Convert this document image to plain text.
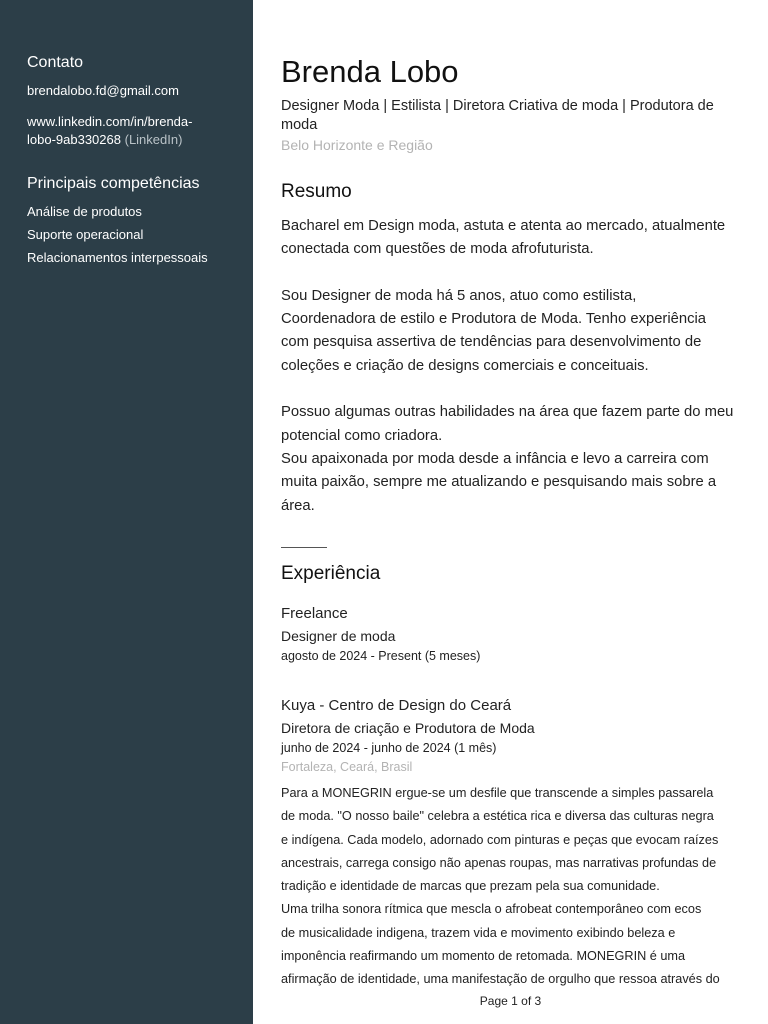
Contato
brendalobo.fd@gmail.com
www.linkedin.com/in/brenda-
lobo-9ab330268 (LinkedIn)
Principais competências
Análise de produtos
Suporte operacional
Relacionamentos interpessoais
Brenda Lobo
Designer Moda | Estilista | Diretora Criativa de moda | Produtora de
moda
Belo Horizonte e Região
Resumo

Bacharel em Design moda, astuta e atenta ao mercado, atualmente

conectada com questões de moda afrofuturista.

Sou Designer de moda há 5 anos, atuo como estilista,

Coordenadora de estilo e Produtora de Moda. Tenho experiência

com pesquisa assertiva de tendências para desenvolvimento de

coleções e criação de designs comerciais e conceituais.

Possuo algumas outras habilidades na área que fazem parte do meu

potencial como criadora.

Sou apaixonada por moda desde a infância e levo a carreira com

muita paixão, sempre me atualizando e pesquisando mais sobre a

área.

Experiência
Freelance
Designer de moda
agosto de 2024 - Present (5 meses)
Kuya - Centro de Design do Ceará
Diretora de criação e Produtora de Moda
junho de 2024 - junho de 2024 (1 mês)
Fortaleza, Ceará, Brasil

Para a MONEGRIN ergue-se um desfile que transcende a simples passarela

de moda. "O nosso baile" celebra a estética rica e diversa das culturas negra

e indígena. Cada modelo, adornado com pinturas e peças que evocam raízes

ancestrais, carrega consigo não apenas roupas, mas narrativas profundas de

tradição e identidade de marcas que prezam pela sua comunidade.

Uma trilha sonora rítmica que mescla o afrobeat contemporâneo com ecos

de musicalidade indigena, trazem vida e movimento exibindo beleza e

imponência reafirmando um momento de retomada. MONEGRIN é uma

afirmação de identidade, uma manifestação de orgulho que ressoa através do

Page 1 of 3
